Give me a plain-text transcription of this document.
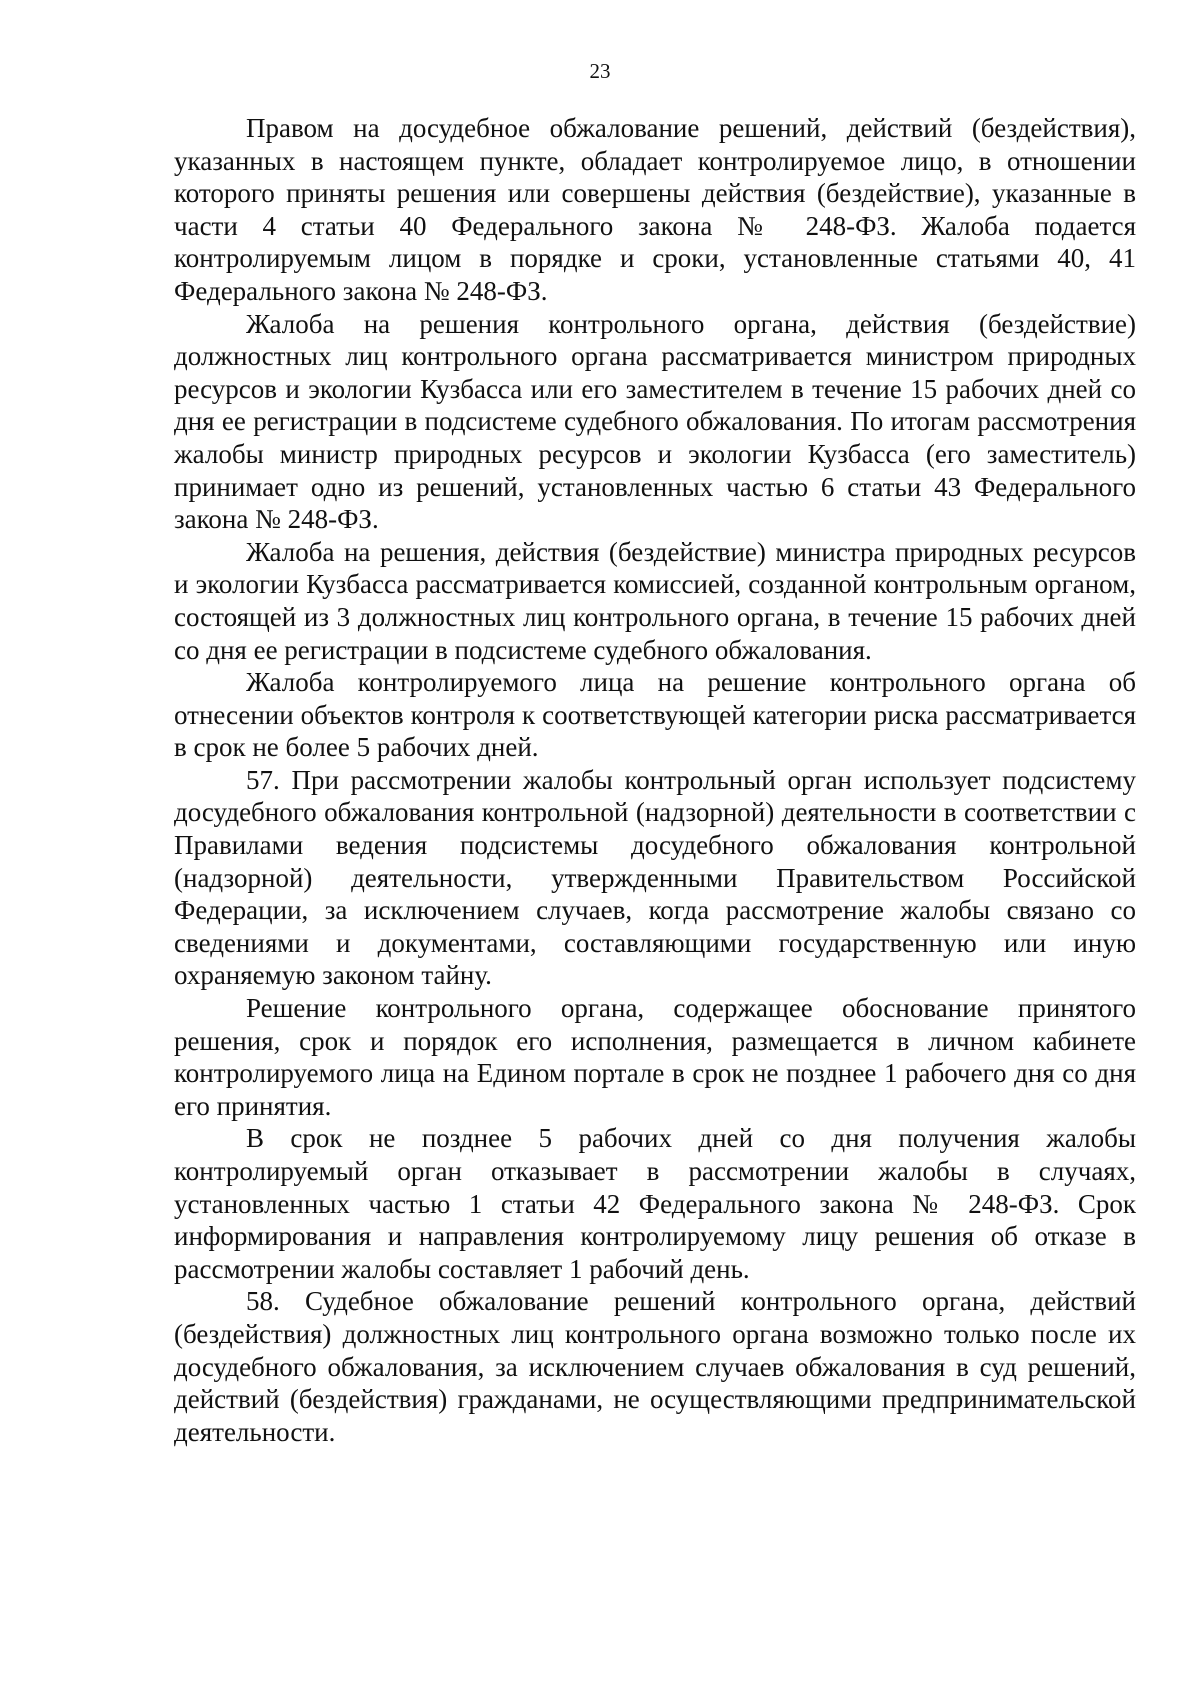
23

Правом на досудебное обжалование решений, действий (бездействия), указанных в настоящем пункте, обладает контролируемое лицо, в отношении которого приняты решения или совершены действия (бездействие), указанные в части 4 статьи 40 Федерального закона № 248-ФЗ. Жалоба подается контролируемым лицом в порядке и сроки, установленные статьями 40, 41 Федерального закона № 248-ФЗ.

Жалоба на решения контрольного органа, действия (бездействие) должностных лиц контрольного органа рассматривается министром природных ресурсов и экологии Кузбасса или его заместителем в течение 15 рабочих дней со дня ее регистрации в подсистеме судебного обжалования. По итогам рассмотрения жалобы министр природных ресурсов и экологии Кузбасса (его заместитель) принимает одно из решений, установленных частью 6 статьи 43 Федерального закона № 248-ФЗ.

Жалоба на решения, действия (бездействие) министра природных ресурсов и экологии Кузбасса рассматривается комиссией, созданной контрольным органом, состоящей из 3 должностных лиц контрольного органа, в течение 15 рабочих дней со дня ее регистрации в подсистеме судебного обжалования.

Жалоба контролируемого лица на решение контрольного органа об отнесении объектов контроля к соответствующей категории риска рассматривается в срок не более 5 рабочих дней.

57. При рассмотрении жалобы контрольный орган использует подсистему досудебного обжалования контрольной (надзорной) деятельности в соответствии с Правилами ведения подсистемы досудебного обжалования контрольной (надзорной) деятельности, утвержденными Правительством Российской Федерации, за исключением случаев, когда рассмотрение жалобы связано со сведениями и документами, составляющими государственную или иную охраняемую законом тайну.

Решение контрольного органа, содержащее обоснование принятого решения, срок и порядок его исполнения, размещается в личном кабинете контролируемого лица на Едином портале в срок не позднее 1 рабочего дня со дня его принятия.

В срок не позднее 5 рабочих дней со дня получения жалобы контролируемый орган отказывает в рассмотрении жалобы в случаях, установленных частью 1 статьи 42 Федерального закона № 248-ФЗ. Срок информирования и направления контролируемому лицу решения об отказе в рассмотрении жалобы составляет 1 рабочий день.

58. Судебное обжалование решений контрольного органа, действий (бездействия) должностных лиц контрольного органа возможно только после их досудебного обжалования, за исключением случаев обжалования в суд решений, действий (бездействия) гражданами, не осуществляющими предпринимательской деятельности.
